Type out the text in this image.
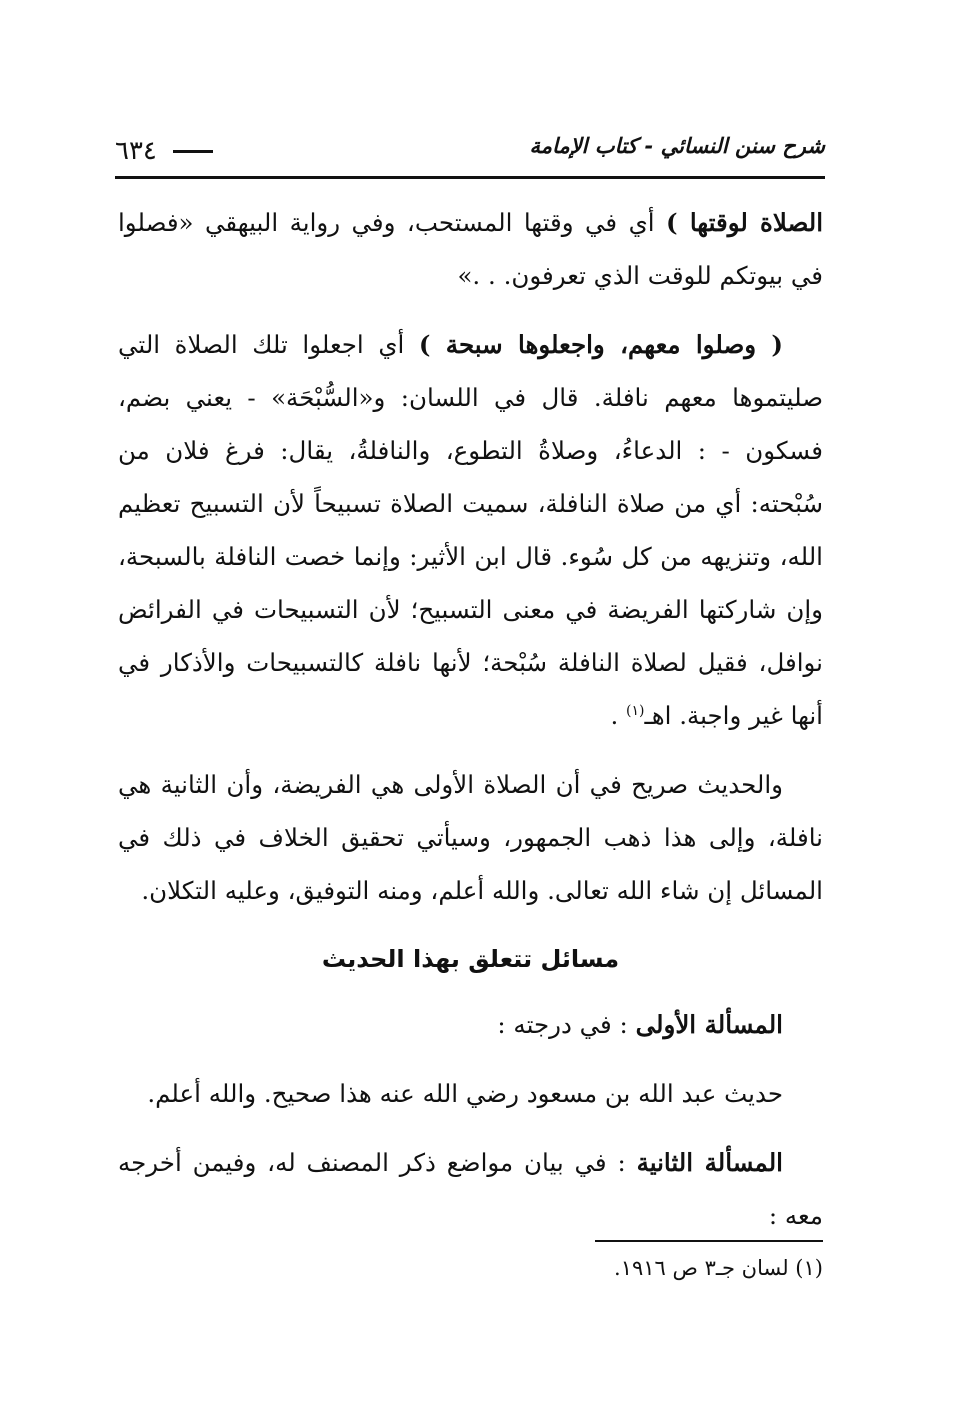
شرح سنن النسائي - كتاب الإمامة
٦٣٤

الصلاة لوقتها ) أي في وقتها المستحب، وفي رواية البيهقي «فصلوا في بيوتكم للوقت الذي تعرفون. . .»

( وصلوا معهم، واجعلوها سبحة ) أي اجعلوا تلك الصلاة التي صليتموها معهم نافلة. قال في اللسان: و«السُّبْحَة» - يعني بضم، فسكون - : الدعاءُ، وصلاةُ التطوع، والنافلةُ، يقال: فرغ فلان من سُبْحته: أي من صلاة النافلة، سميت الصلاة تسبيحاً لأن التسبيح تعظيم الله، وتنزيهه من كل سُوء. قال ابن الأثير: وإنما خصت النافلة بالسبحة، وإن شاركتها الفريضة في معنى التسبيح؛ لأن التسبيحات في الفرائض نوافل، فقيل لصلاة النافلة سُبْحة؛ لأنها نافلة كالتسبيحات والأذكار في أنها غير واجبة. اهـ$^{(١)}$ .

والحديث صريح في أن الصلاة الأولى هي الفريضة، وأن الثانية هي نافلة، وإلى هذا ذهب الجمهور، وسيأتي تحقيق الخلاف في ذلك في المسائل إن شاء الله تعالى. والله أعلم، ومنه التوفيق، وعليه التكلان.

مسائل تتعلق بهذا الحديث

المسألة الأولى : في درجته :

حديث عبد الله بن مسعود رضي الله عنه هذا صحيح. والله أعلم.

المسألة الثانية : في بيان مواضع ذكر المصنف له، وفيمن أخرجه معه :

(١) لسان جـ٣ ص ١٩١٦.
